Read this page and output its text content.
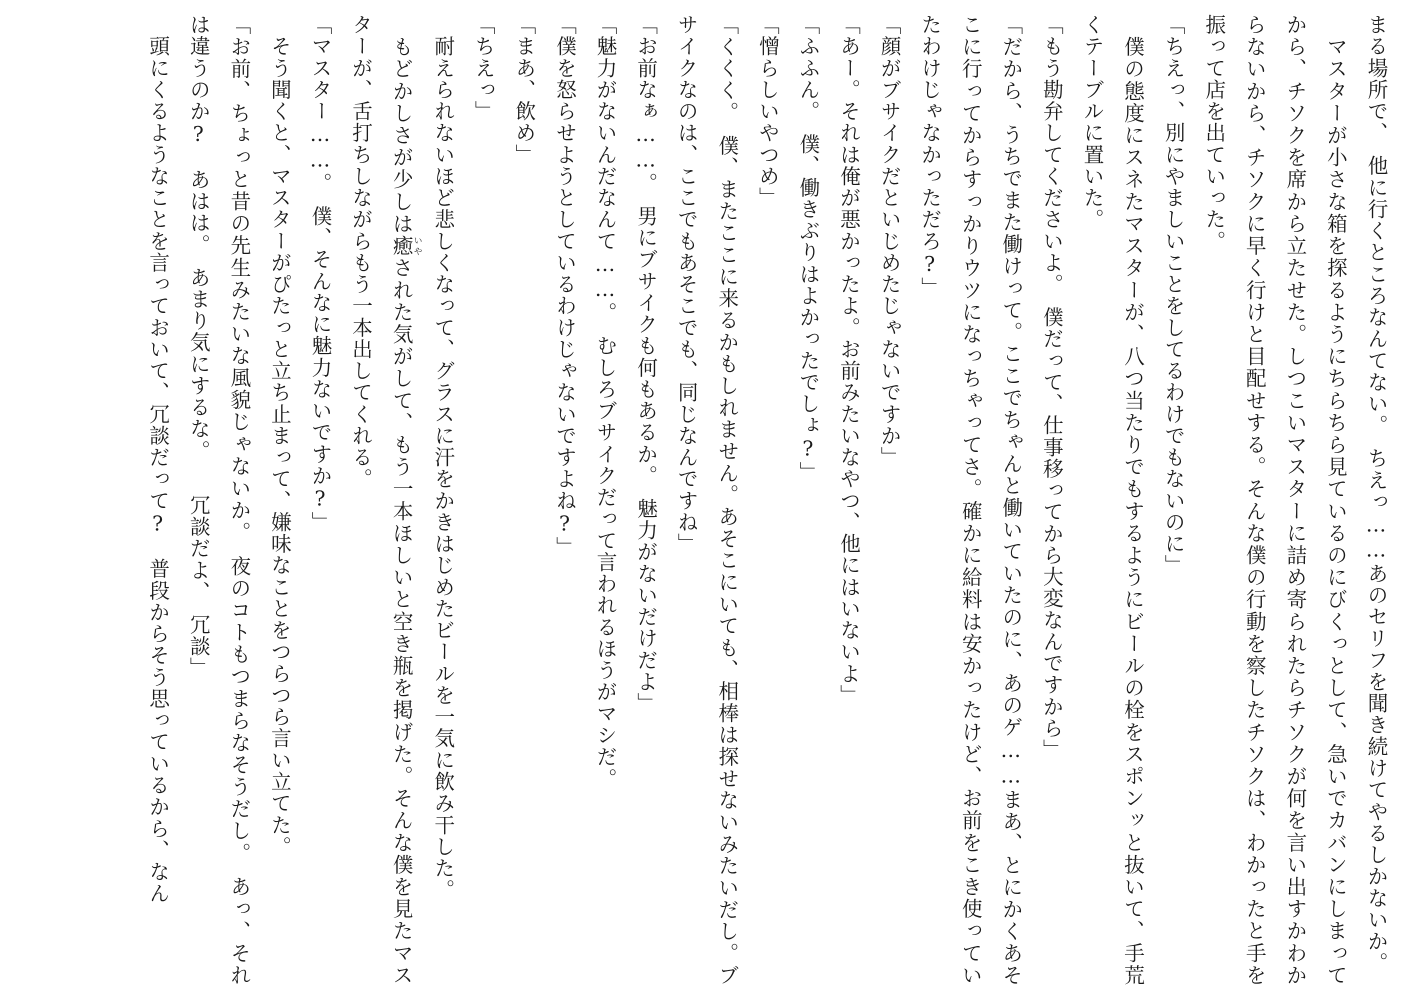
まる場所で、　他に行くところなんてない。　ちえっ……あのセリフを聞き続けてやるしかないか。

　マスターが小さな箱を探るようにちらちら見ているのにびくっとして、急いでカバンにしまってから、チソクを席から立たせた。しつこいマスターに詰め寄られたらチソクが何を言い出すかわからないから、チソクに早く行けと目配せする。そんな僕の行動を察したチソクは、わかったと手を振って店を出ていった。

「ちえっ、別にやましいことをしてるわけでもないのに」

　僕の態度にスネたマスターが、八つ当たりでもするようにビールの栓をスポンッと抜いて、手荒くテーブルに置いた。

「もう勘弁してくださいよ。　僕だって、仕事移ってから大変なんですから」

「だから、うちでまた働けって。ここでちゃんと働いていたのに、あのゲ……まあ、とにかくあそこに行ってからすっかりウツになっちゃってさ。確かに給料は安かったけど、お前をこき使っていたわけじゃなかっただろ?」

「顔がブサイクだといじめたじゃないですか」

「あー。それは俺が悪かったよ。お前みたいなやつ、他にはいないよ」

「ふふん。　僕、働きぶりはよかったでしょ?」

「憎らしいやつめ」

「くくく。　僕、またここに来るかもしれません。あそこにいても、相棒は探せないみたいだし。ブサイクなのは、ここでもあそこでも、同じなんですね」

「お前なぁ……。　男にブサイクも何もあるか。　魅力がないだけだよ」

「魅力がないんだなんて……。　むしろブサイクだって言われるほうがマシだ。

「僕を怒らせようとしているわけじゃないですよね?」

「まあ、飲め」

「ちえっ」

　耐えられないほど悲しくなって、グラスに汗をかきはじめたビールを一気に飲み干した。

　もどかしさが少しは癒 いやされた気がして、もう一本ほしいと空き瓶を掲げた。そんな僕を見たマスターが、舌打ちしながらもう一本出してくれる。

「マスター……。　僕、そんなに魅力ないですか?」

　そう聞くと、マスターがぴたっと立ち止まって、嫌味なことをつらつら言い立てた。

「お前、ちょっと昔の先生みたいな風貌じゃないか。　夜のコトもつまらなそうだし。　あっ、それは違うのか?　あはは。　あまり気にするな。　　冗談だよ、　冗談」

　頭にくるようなことを言っておいて、冗談だって?　普段からそう思っているから、なん
